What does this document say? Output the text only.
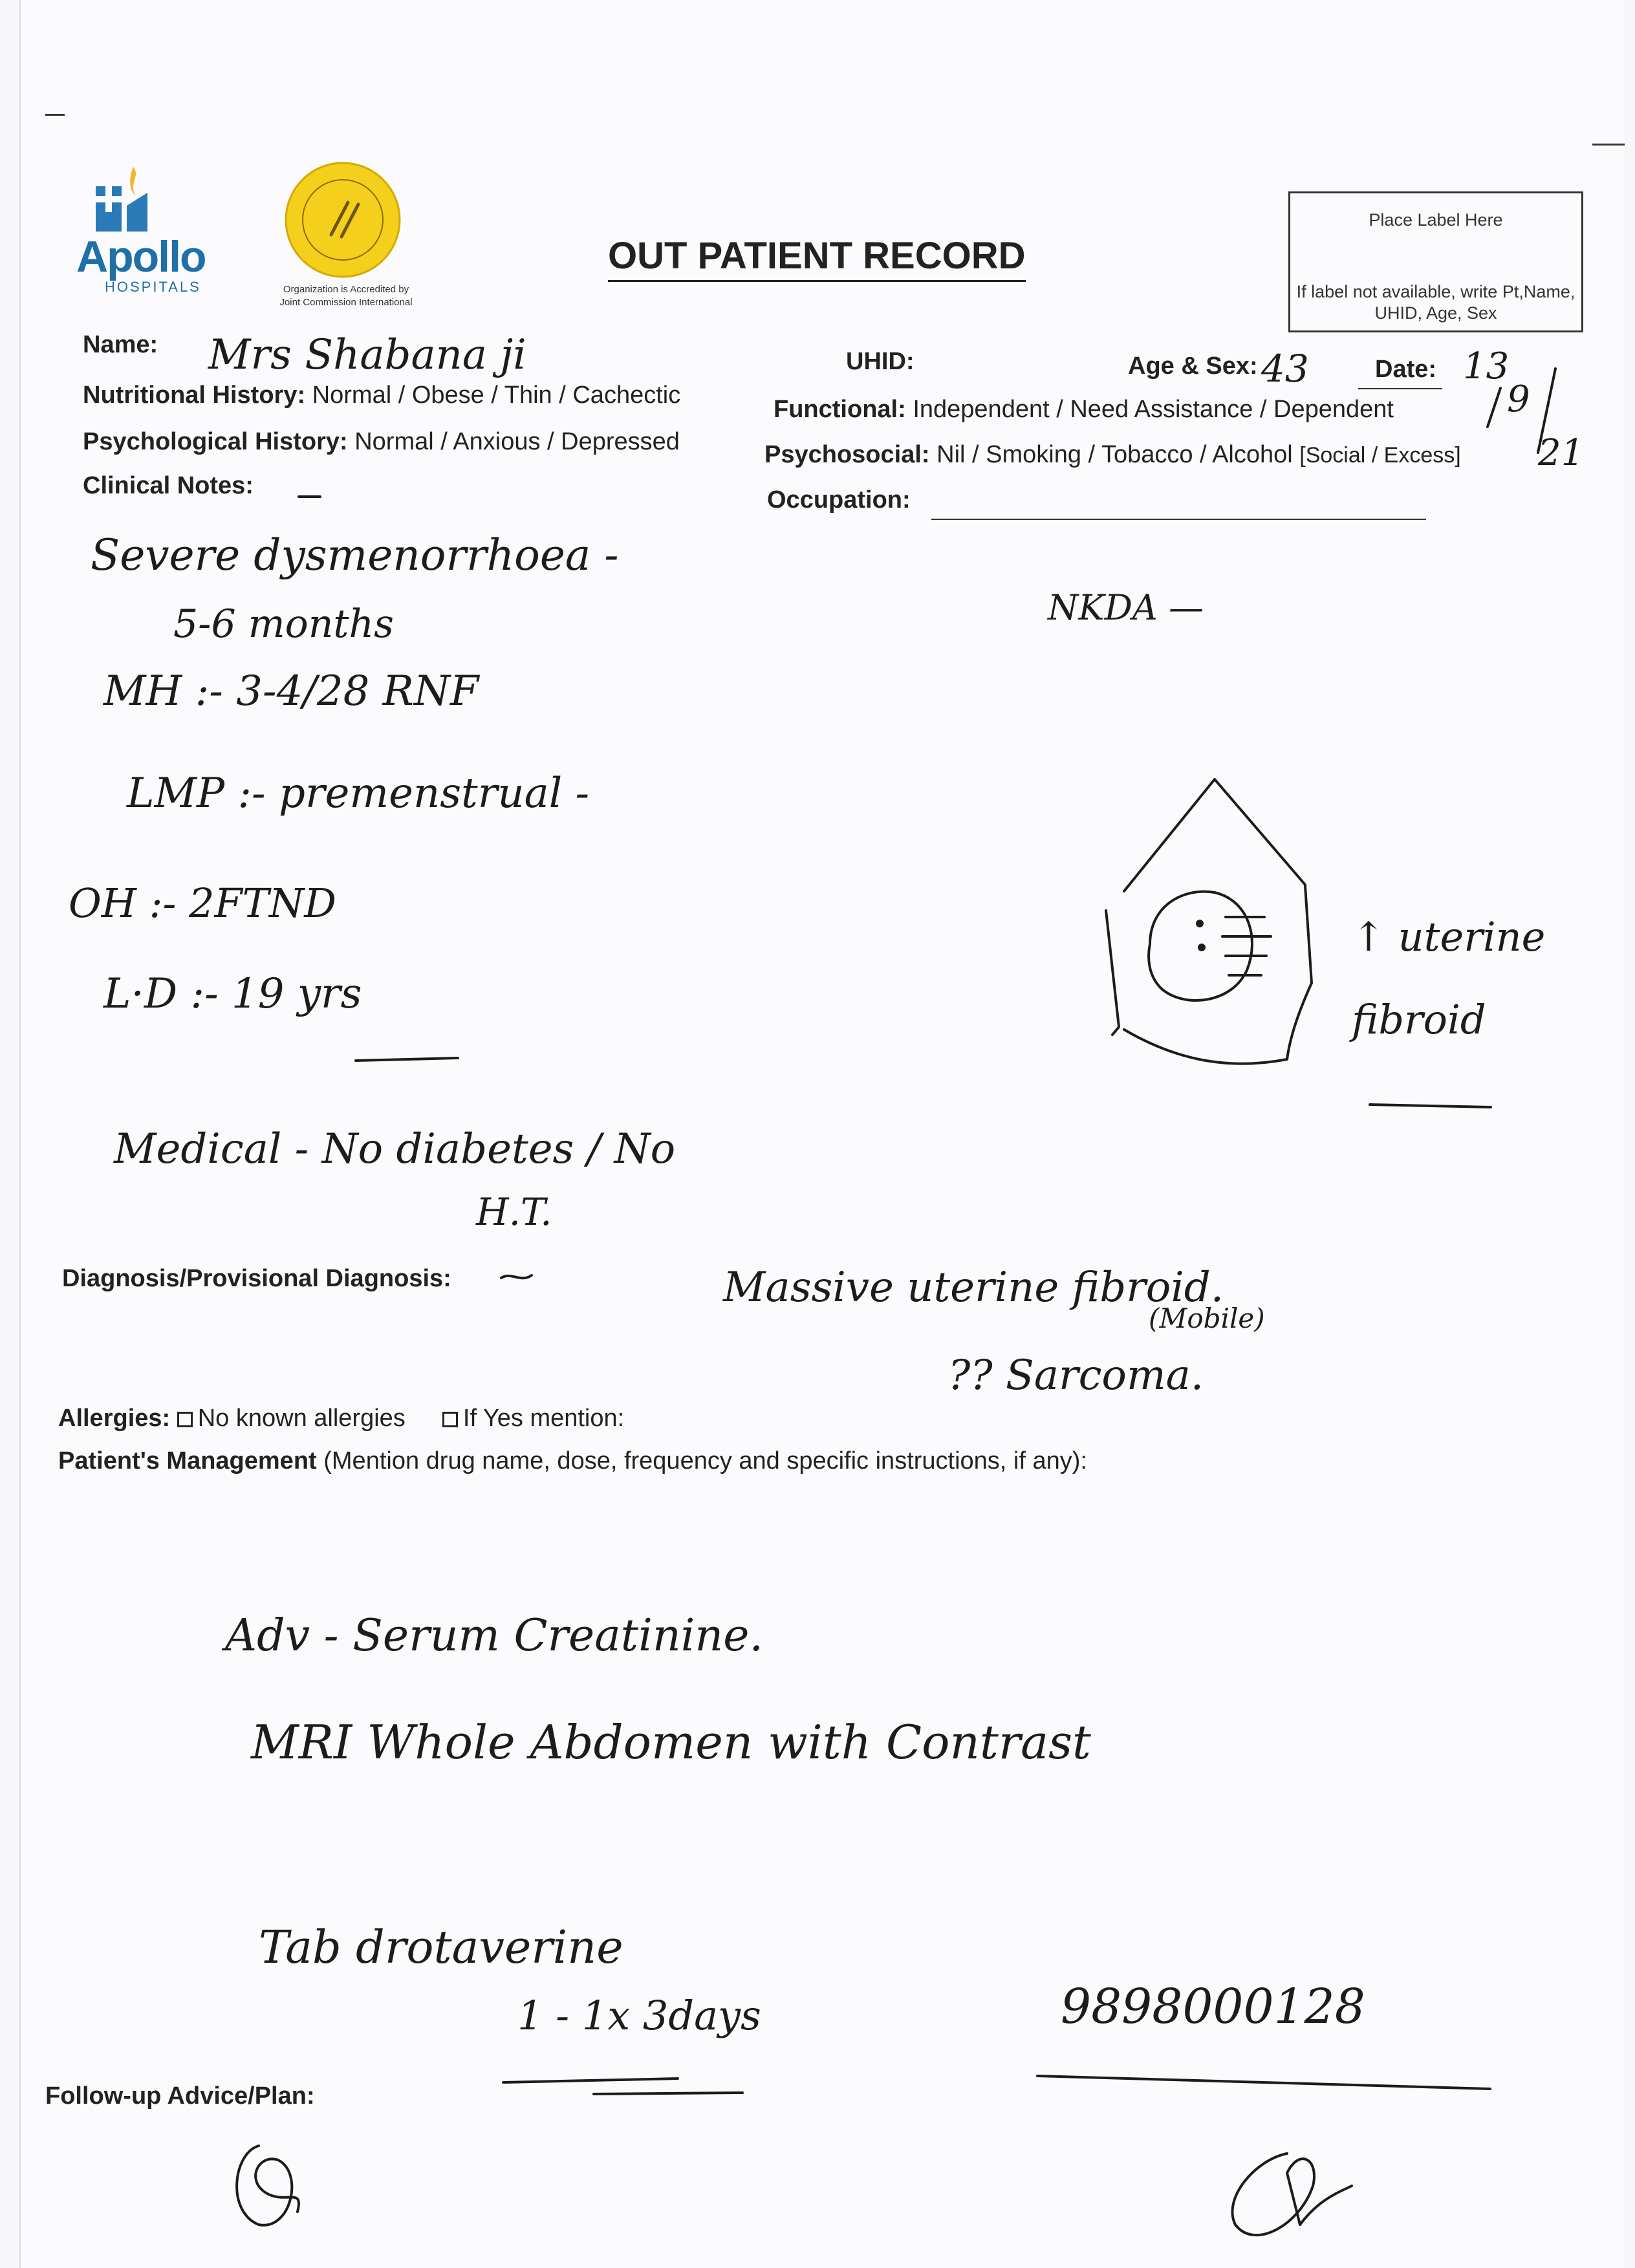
Apollo
HOSPITALS	Organization is Accredited by Joint Commission International
OUT PATIENT RECORD
Place Label Here
If label not available, write Pt,Name, UHID, Age, Sex
Name:
UHID:	Age & Sex:	Date:
Nutritional History: Normal / Obese / Thin / Cachectic
Functional: Independent / Need Assistance / Dependent
Psychological History: Normal / Anxious / Depressed	Psychosocial: Nil / Smoking / Tobacco / Alcohol [Social / Excess]
Clinical Notes:
Occupation:
Diagnosis/Provisional Diagnosis:
Allergies: No known allergies If Yes mention:
Patient's Management (Mention drug name, dose, frequency and specific instructions, if any):
Follow-up Advice/Plan:
Mrs Shabana ji	43	13
9
21
Severe dysmenorrhoea -
5-6 months
MH :- 3-4/28 RNF
LMP :- premenstrual -
OH :- 2FTND
L·D :- 19 yrs
Medical - No diabetes / No
H.T.
NKDA —
↑ uterine
fibroid
Massive uterine fibroid.
(Mobile)
?? Sarcoma.
Adv - Serum Creatinine.
MRI Whole Abdomen with Contrast
Tab drotaverine
1 - 1x 3days	9898000128
